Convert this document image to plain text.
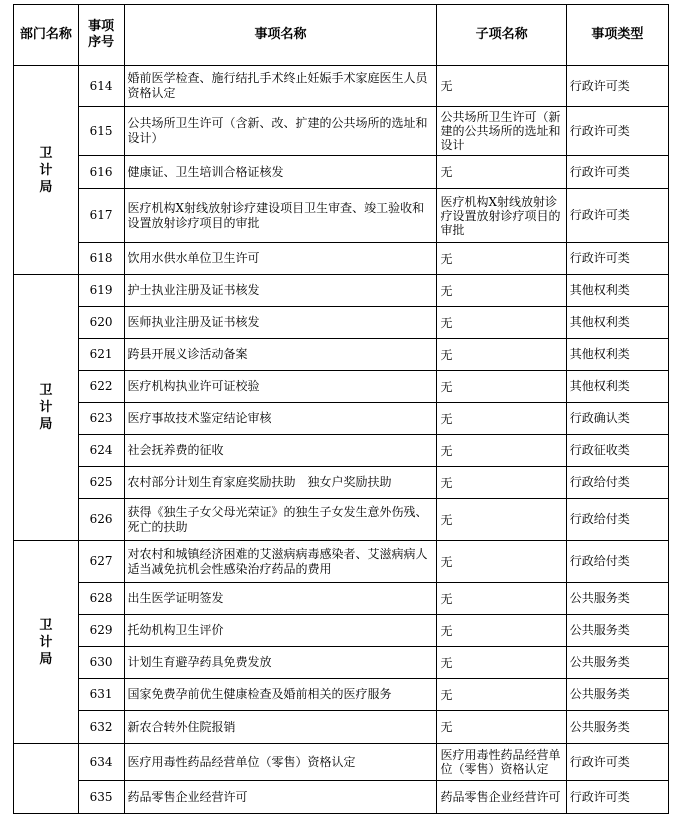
部门名称	事项序号	事项名称	子项名称	事项类型
卫计局	614	婚前医学检查、施行结扎手术终止妊娠手术家庭医生人员资格认定	无	行政许可类
	615	公共场所卫生许可（含新、改、扩建的公共场所的选址和设计）	公共场所卫生许可（新建的公共场所的选址和设计	行政许可类
	616	健康证、卫生培训合格证核发	无	行政许可类
	617	医疗机构X射线放射诊疗建设项目卫生审查、竣工验收和设置放射诊疗项目的审批	医疗机构X射线放射诊疗设置放射诊疗项目的审批	行政许可类
	618	饮用水供水单位卫生许可	无	行政许可类
卫计局	619	护士执业注册及证书核发	无	其他权利类
	620	医师执业注册及证书核发	无	其他权利类
	621	跨县开展义诊活动备案	无	其他权利类
	622	医疗机构执业许可证校验	无	其他权利类
	623	医疗事故技术鉴定结论审核	无	行政确认类
	624	社会抚养费的征收	无	行政征收类
	625	农村部分计划生育家庭奖励扶助　独女户奖励扶助	无	行政给付类
	626	获得《独生子女父母光荣证》的独生子女发生意外伤残、死亡的扶助	无	行政给付类
卫计局	627	对农村和城镇经济困难的艾滋病病毒感染者、艾滋病病人适当减免抗机会性感染治疗药品的费用	无	行政给付类
	628	出生医学证明签发	无	公共服务类
	629	托幼机构卫生评价	无	公共服务类
	630	计划生育避孕药具免费发放	无	公共服务类
	631	国家免费孕前优生健康检查及婚前相关的医疗服务	无	公共服务类
	632	新农合转外住院报销	无	公共服务类
	634	医疗用毒性药品经营单位（零售）资格认定	医疗用毒性药品经营单位（零售）资格认定	行政许可类
	635	药品零售企业经营许可	药品零售企业经营许可	行政许可类
